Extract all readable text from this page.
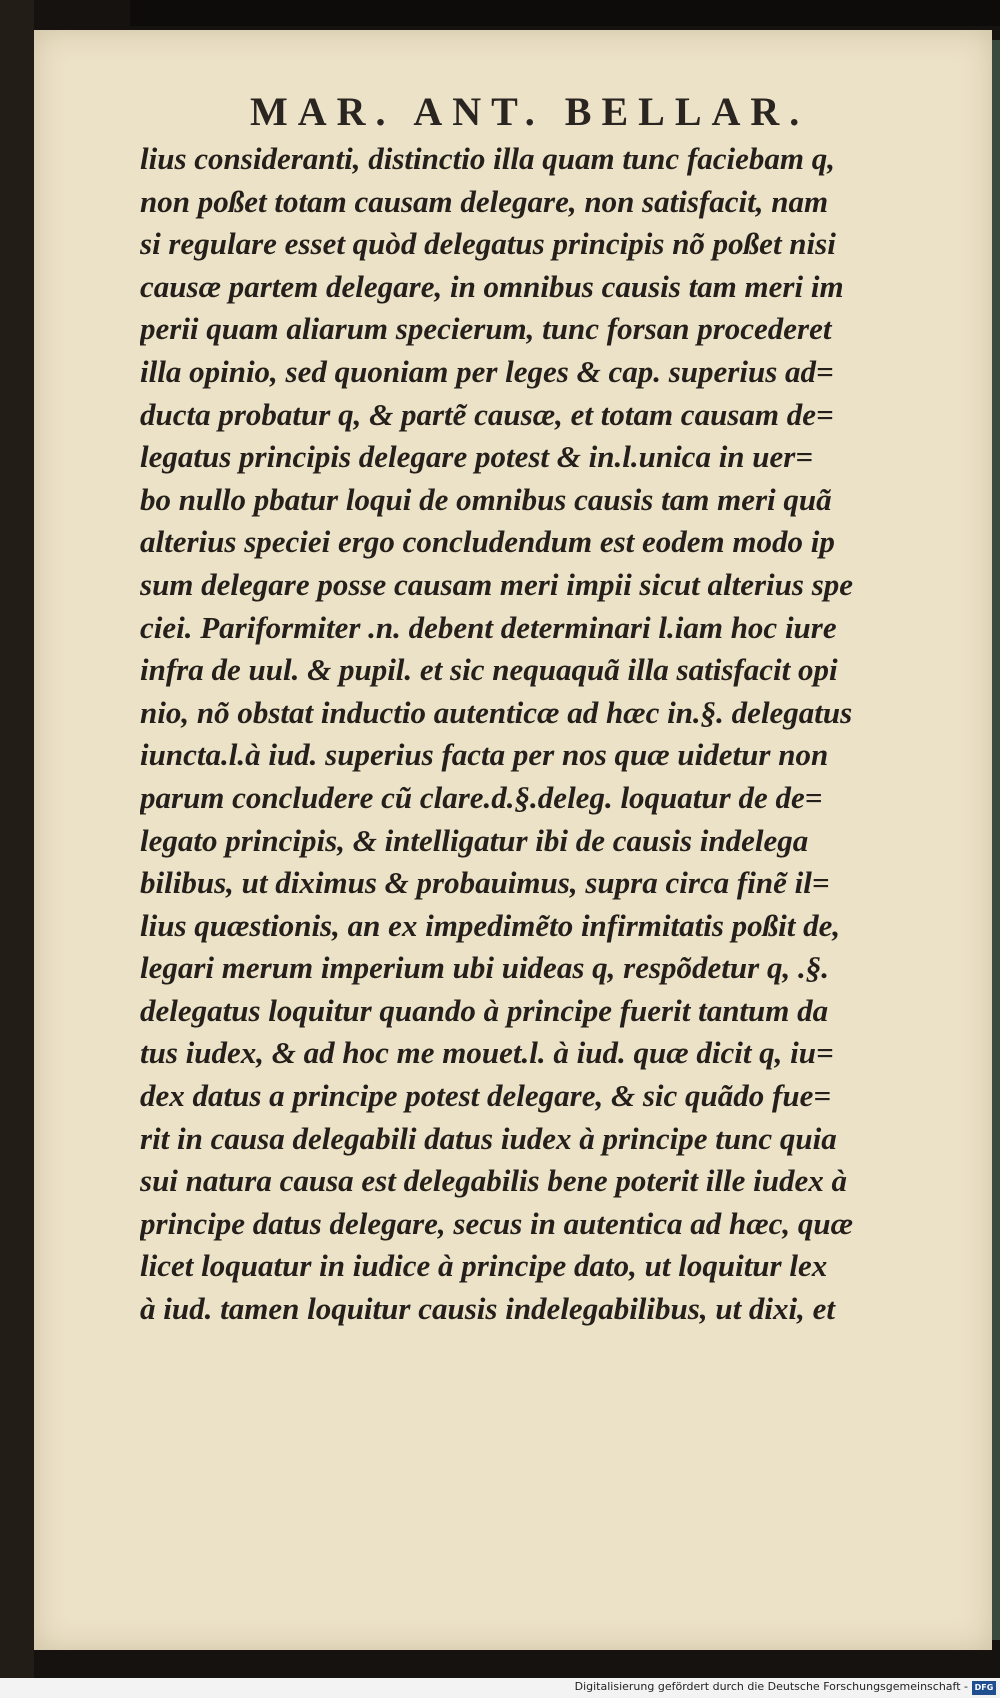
MAR. ANT. BELLAR.
lius consideranti, distinctio illa quam tunc faciebam q,
non poßet totam causam delegare, non satisfacit, nam
si regulare esset quòd delegatus principis nõ poßet nisi
causæ partem delegare, in omnibus causis tam meri im
perii quam aliarum specierum, tunc forsan procederet
illa opinio, sed quoniam per leges & cap. superius ad=
ducta probatur q, & partẽ causæ, et totam causam de=
legatus principis delegare potest & in.l.unica in uer=
bo nullo pbatur loqui de omnibus causis tam meri quã
alterius speciei ergo concludendum est eodem modo ip
sum delegare posse causam meri impii sicut alterius spe
ciei. Pariformiter .n. debent determinari l.iam hoc iure
infra de uul. & pupil. et sic nequaquã illa satisfacit opi
nio, nõ obstat inductio autenticæ ad hæc in.§. delegatus
iuncta.l.à iud. superius facta per nos quæ uidetur non
parum concludere cũ clare.d.§.deleg. loquatur de de=
legato principis, & intelligatur ibi de causis indelega
bilibus, ut diximus & probauimus, supra circa finẽ il=
lius quæstionis, an ex impedimẽto infirmitatis poßit de,
legari merum imperium ubi uideas q, respõdetur q, .§.
delegatus loquitur quando à principe fuerit tantum da
tus iudex, & ad hoc me mouet.l. à iud. quæ dicit q, iu=
dex datus a principe potest delegare, & sic quãdo fue=
rit in causa delegabili datus iudex à principe tunc quia
sui natura causa est delegabilis bene poterit ille iudex à
principe datus delegare, secus in autentica ad hæc, quæ
licet loquatur in iudice à principe dato, ut loquitur lex
à iud. tamen loquitur causis indelegabilibus, ut dixi, et
Digitalisierung gefördert durch die Deutsche Forschungsgemeinschaft - DFG
